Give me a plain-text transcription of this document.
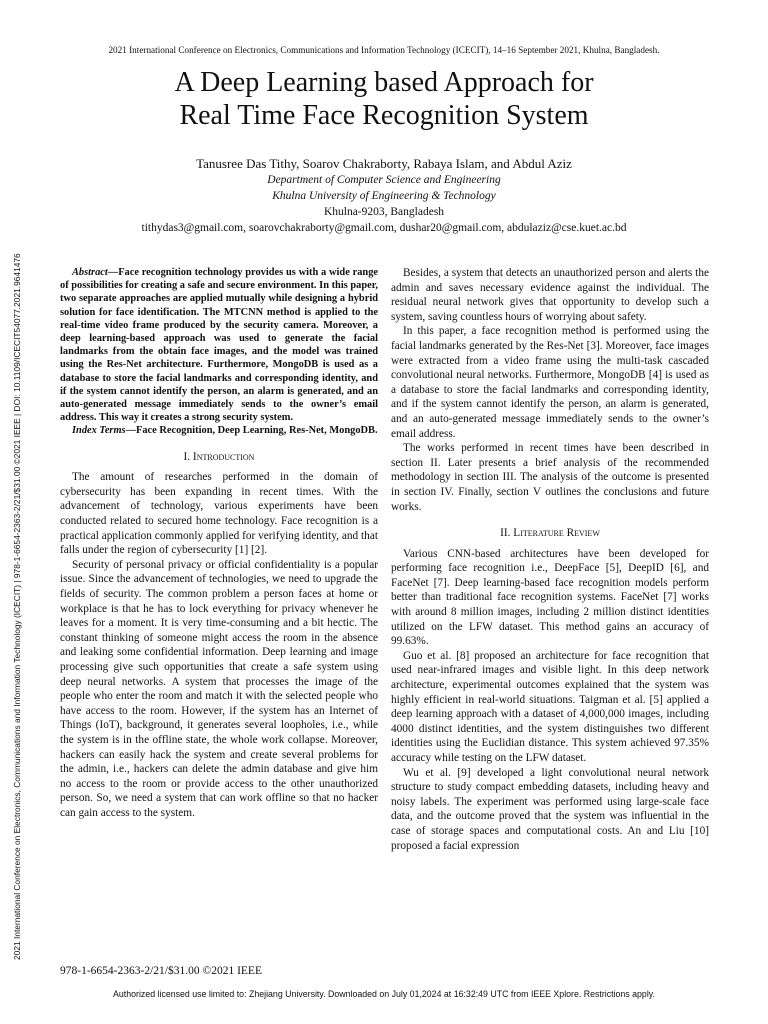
2021 International Conference on Electronics, Communications and Information Technology (ICECIT), 14–16 September 2021, Khulna, Bangladesh.
A Deep Learning based Approach for
Real Time Face Recognition System
Tanusree Das Tithy, Soarov Chakraborty, Rabaya Islam, and Abdul Aziz
Department of Computer Science and Engineering
Khulna University of Engineering & Technology
Khulna-9203, Bangladesh
tithydas3@gmail.com, soarovchakraborty@gmail.com, dushar20@gmail.com, abdulaziz@cse.kuet.ac.bd
2021 International Conference on Electronics, Communications and Information Technology (ICECIT) | 978-1-6654-2363-2/21/$31.00 ©2021 IEEE | DOI: 10.1109/ICECIT54077.2021.9641476	Abstract—Face recognition technology provides us with a wide range of possibilities for creating a safe and secure environment. In this paper, two separate approaches are applied mutually while designing a hybrid solution for face identification. The MTCNN method is applied to the real-time video frame produced by the security camera. Moreover, a deep learning-based approach was used to generate the facial landmarks from the obtain face images, and the model was trained using the Res-Net architecture. Furthermore, MongoDB is used as a database to store the facial landmarks and corresponding identity, and if the system cannot identify the person, an alarm is generated, and an auto-generated message immediately sends to the owner’s email address. This way it creates a strong security system.

Index Terms—Face Recognition, Deep Learning, Res-Net, MongoDB.

I. Introduction

The amount of researches performed in the domain of cybersecurity has been expanding in recent times. With the advancement of technology, various experiments have been conducted related to secured home technology. Face recognition is a practical application commonly applied for verifying identity, and that falls under the region of cybersecurity [1] [2].

Security of personal privacy or official confidentiality is a popular issue. Since the advancement of technologies, we need to upgrade the fields of security. The common problem a person faces at home or workplace is that he has to lock everything for privacy whenever he leaves for a moment. It is very time-consuming and a bit hectic. The constant thinking of someone might access the room in the absence and leaking some confidential information. Deep learning and image processing give such opportunities that create a safe system using deep neural networks. A system that processes the image of the people who enter the room and match it with the selected people who have access to the room. However, if the system has an Internet of Things (IoT), background, it generates several loopholes, i.e., while the system is in the offline state, the whole work collapse. Moreover, hackers can easily hack the system and create several problems for the admin, i.e., hackers can delete the admin database and give him no access to the room or provide access to the other unauthorized person. So, we need a system that can work offline so that no hacker can gain access to the system.

Besides, a system that detects an unauthorized person and alerts the admin and saves necessary evidence against the individual. The residual neural network gives that opportunity to develop such a system, saving countless hours of worrying about safety.

In this paper, a face recognition method is performed using the facial landmarks generated by the Res-Net [3]. Moreover, face images were extracted from a video frame using the multi-task cascaded convolutional neural networks. Furthermore, MongoDB [4] is used as a database to store the facial landmarks and corresponding identity, and if the system cannot identify the person, an alarm is generated, and an auto-generated message immediately sends to the owner’s email address.

The works performed in recent times have been described in section II. Later presents a brief analysis of the recommended methodology in section III. The analysis of the outcome is presented in section IV. Finally, section V outlines the conclusions and future works.

II. Literature Review

Various CNN-based architectures have been developed for performing face recognition i.e., DeepFace [5], DeepID [6], and FaceNet [7]. Deep learning-based face recognition models perform better than traditional face recognition systems. FaceNet [7] works with around 8 million images, including 2 million distinct identities utilized on the LFW dataset. This method gains an accuracy of 99.63%.

Guo et al. [8] proposed an architecture for face recognition that used near-infrared images and visible light. In this deep network architecture, experimental outcomes explained that the system was highly efficient in real-world situations. Taigman et al. [5] applied a deep learning approach with a dataset of 4,000,000 images, including 4000 distinct identities, and the system distinguishes two different identities using the Euclidian distance. This system achieved 97.35% accuracy while testing on the LFW dataset.

Wu et al. [9] developed a light convolutional neural network structure to study compact embedding datasets, including heavy and noisy labels. The experiment was performed using large-scale face data, and the outcome proved that the system was influential in the case of storage spaces and computational costs. An and Liu [10] proposed a facial expression

978-1-6654-2363-2/21/$31.00 ©2021 IEEE
Authorized licensed use limited to: Zhejiang University. Downloaded on July 01,2024 at 16:32:49 UTC from IEEE Xplore. Restrictions apply.
